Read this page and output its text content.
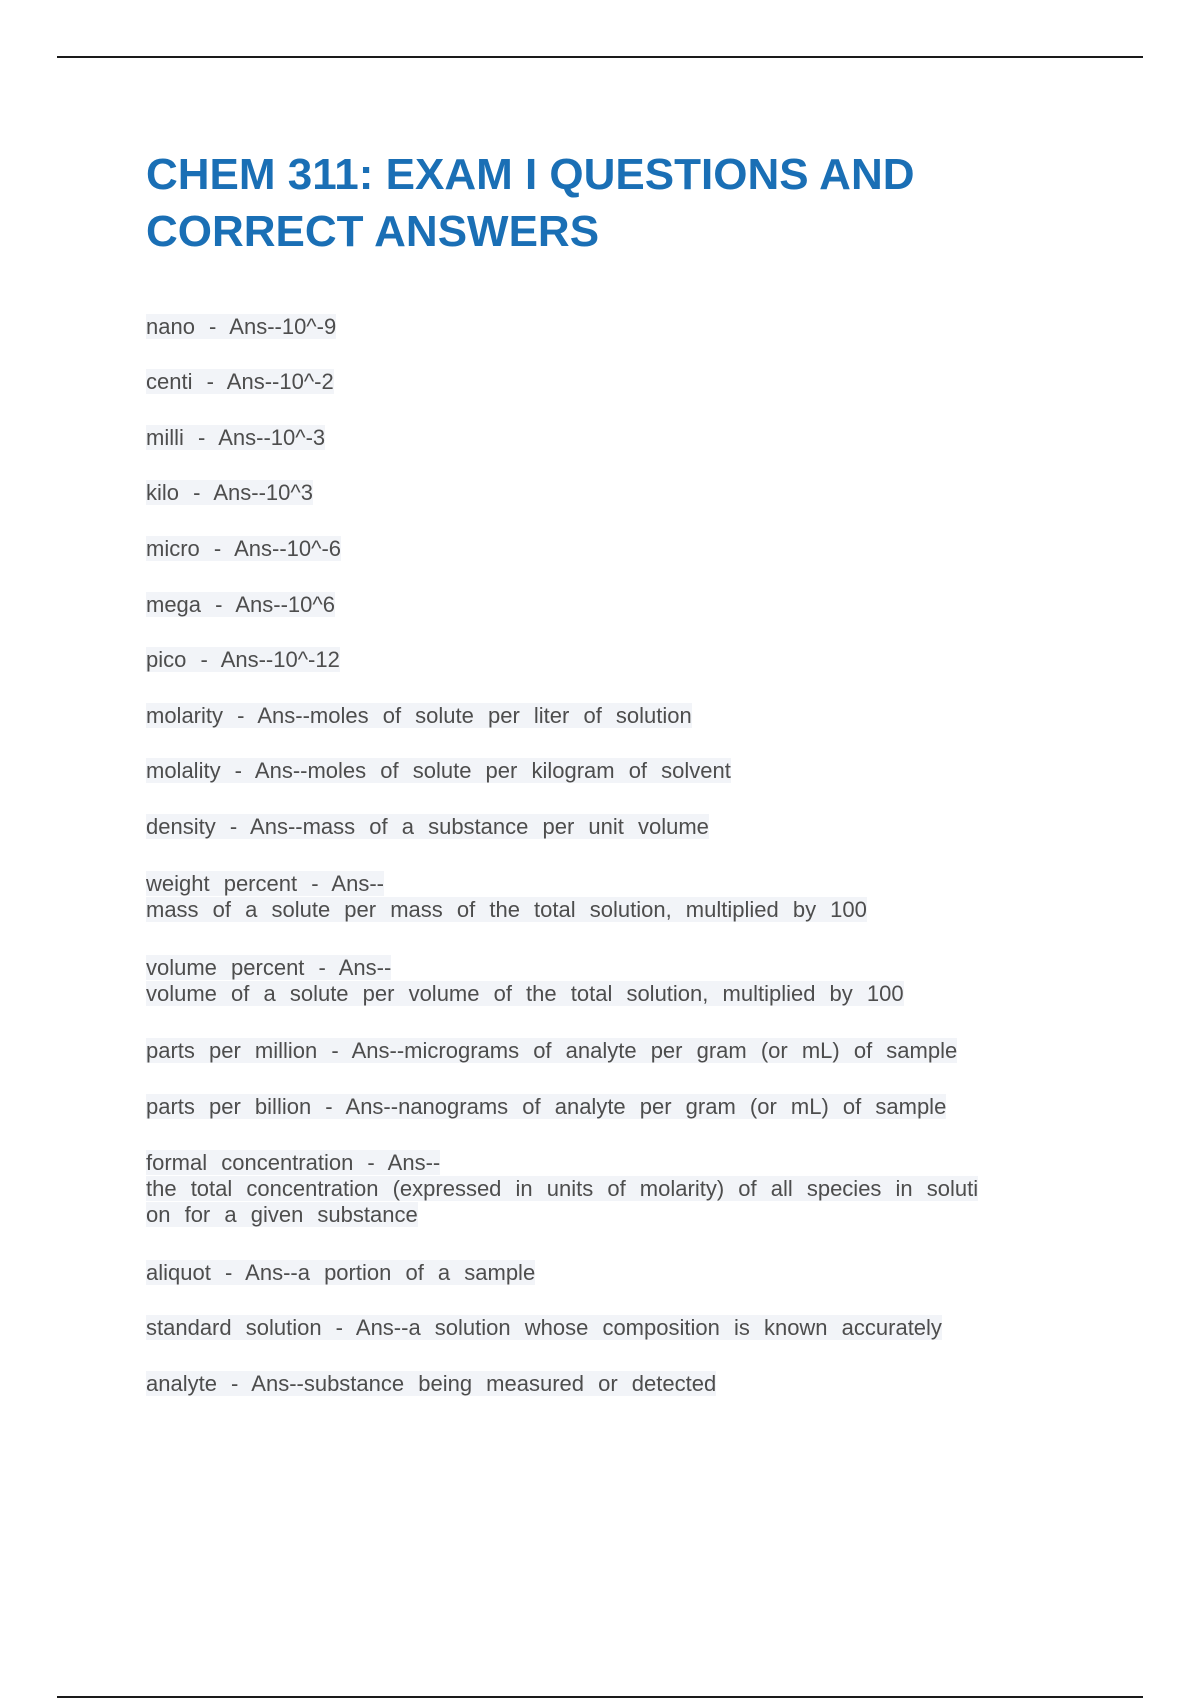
CHEM 311: EXAM I QUESTIONS AND
CORRECT ANSWERS
nano - Ans--10^-9
centi - Ans--10^-2
milli - Ans--10^-3
kilo - Ans--10^3
micro - Ans--10^-6
mega - Ans--10^6
pico - Ans--10^-12
molarity - Ans--moles of solute per liter of solution
molality - Ans--moles of solute per kilogram of solvent
density - Ans--mass of a substance per unit volume
weight percent - Ans--
mass of a solute per mass of the total solution, multiplied by 100
volume percent - Ans--
volume of a solute per volume of the total solution, multiplied by 100
parts per million - Ans--micrograms of analyte per gram (or mL) of sample
parts per billion - Ans--nanograms of analyte per gram (or mL) of sample
formal concentration - Ans--
the total concentration (expressed in units of molarity) of all species in soluti
on for a given substance
aliquot - Ans--a portion of a sample
standard solution - Ans--a solution whose composition is known accurately
analyte - Ans--substance being measured or detected
